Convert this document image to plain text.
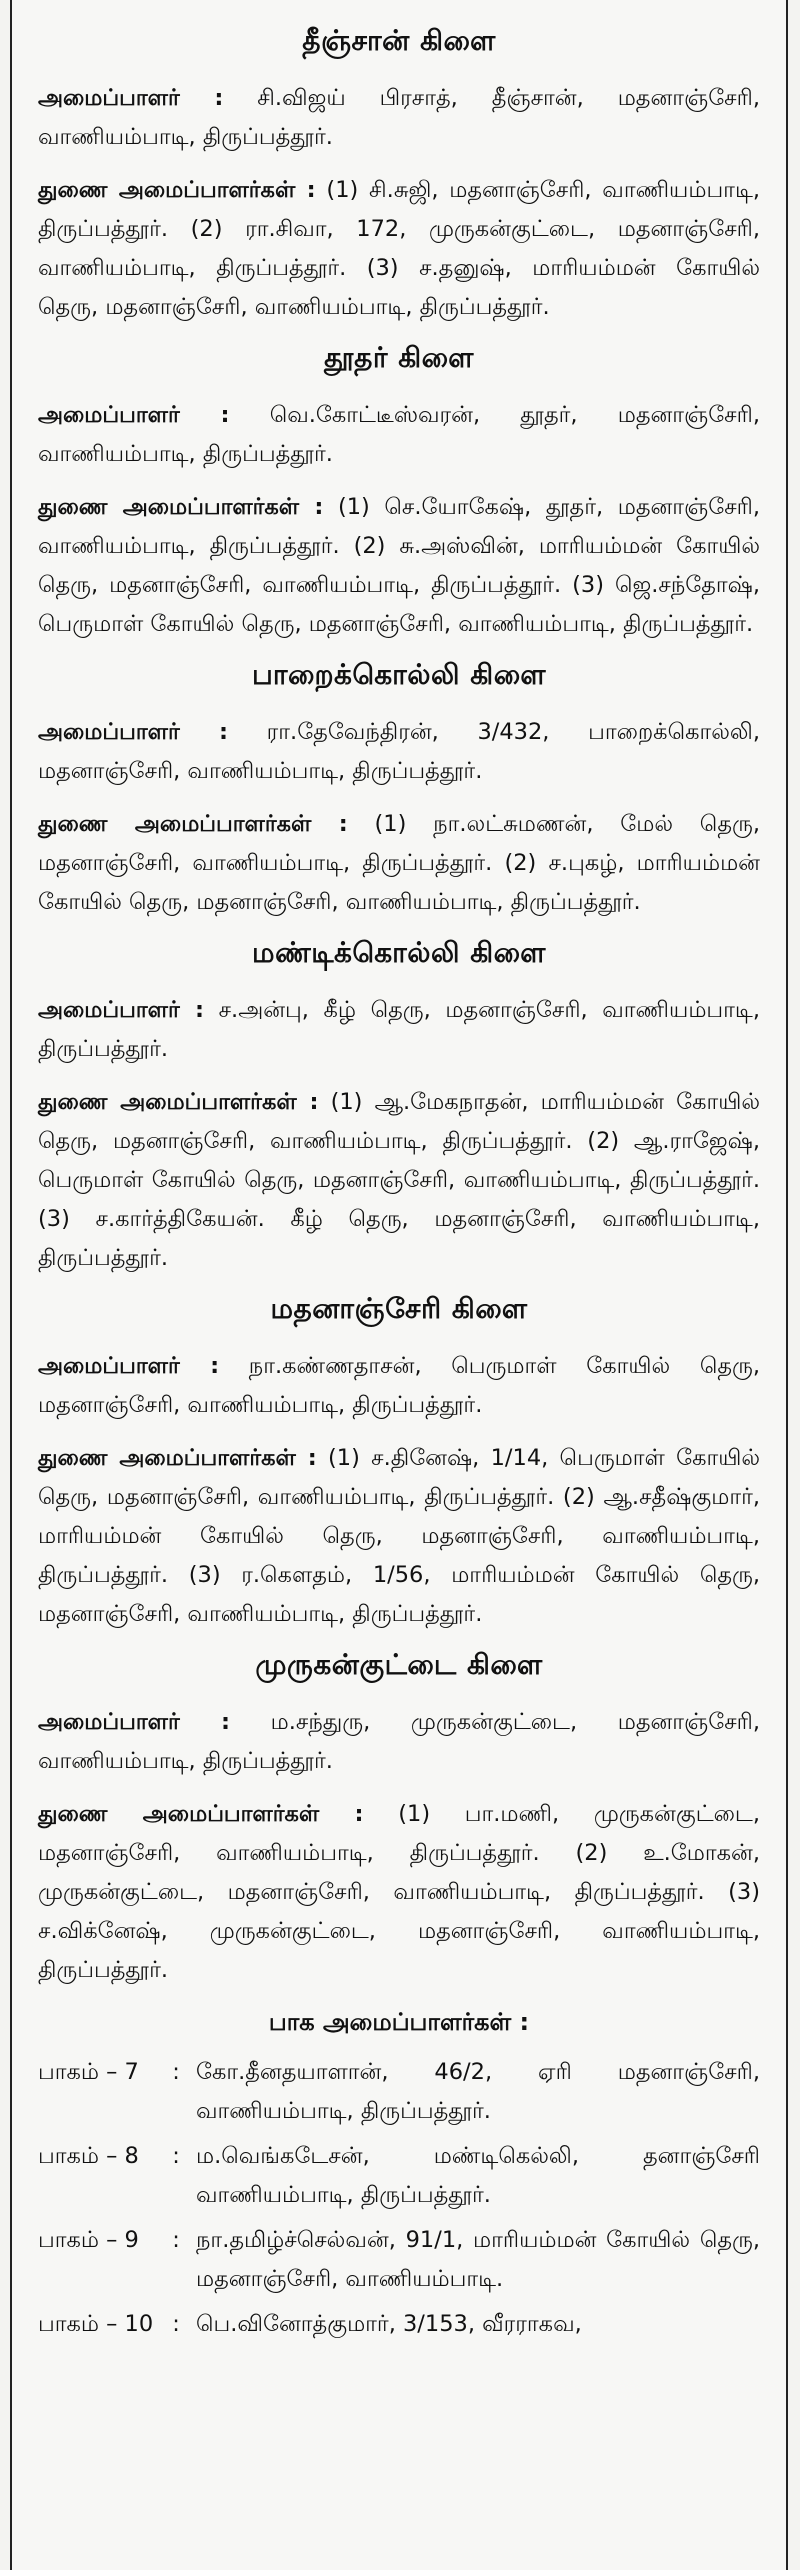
தீஞ்சான் கிளை

அமைப்பாளர் : சி.விஜய் பிரசாத், தீஞ்சான், மதனாஞ்சேரி, வாணியம்பாடி, திருப்பத்தூர்.

துணை அமைப்பாளர்கள் : (1) சி.சுஜி, மதனாஞ்சேரி, வாணியம்பாடி, திருப்பத்தூர். (2) ரா.சிவா, 172, முருகன்குட்டை, மதனாஞ்சேரி, வாணியம்பாடி, திருப்பத்தூர். (3) ச.தனுஷ், மாரியம்மன் கோயில் தெரு, மதனாஞ்சேரி, வாணியம்பாடி, திருப்பத்தூர்.

தூதர் கிளை

அமைப்பாளர் : வெ.கோட்டீஸ்வரன், தூதர், மதனாஞ்சேரி, வாணியம்பாடி, திருப்பத்தூர்.

துணை அமைப்பாளர்கள் : (1) செ.யோகேஷ், தூதர், மதனாஞ்சேரி, வாணியம்பாடி, திருப்பத்தூர். (2) சு.அஸ்வின், மாரியம்மன் கோயில் தெரு, மதனாஞ்சேரி, வாணியம்பாடி, திருப்பத்தூர். (3) ஜெ.சந்தோஷ், பெருமாள் கோயில் தெரு, மதனாஞ்சேரி, வாணியம்பாடி, திருப்பத்தூர்.

பாறைக்கொல்லி கிளை

அமைப்பாளர் : ரா.தேவேந்திரன், 3/432, பாறைக்கொல்லி, மதனாஞ்சேரி, வாணியம்பாடி, திருப்பத்தூர்.

துணை அமைப்பாளர்கள் : (1) நா.லட்சுமணன், மேல் தெரு, மதனாஞ்சேரி, வாணியம்பாடி, திருப்பத்தூர். (2) ச.புகழ், மாரியம்மன் கோயில் தெரு, மதனாஞ்சேரி, வாணியம்பாடி, திருப்பத்தூர்.

மண்டிக்கொல்லி கிளை

அமைப்பாளர் : ச.அன்பு, கீழ் தெரு, மதனாஞ்சேரி, வாணியம்பாடி, திருப்பத்தூர்.

துணை அமைப்பாளர்கள் : (1) ஆ.மேகநாதன், மாரியம்மன் கோயில் தெரு, மதனாஞ்சேரி, வாணியம்பாடி, திருப்பத்தூர். (2) ஆ.ராஜேஷ், பெருமாள் கோயில் தெரு, மதனாஞ்சேரி, வாணியம்பாடி, திருப்பத்தூர். (3) ச.கார்த்திகேயன். கீழ் தெரு, மதனாஞ்சேரி, வாணியம்பாடி, திருப்பத்தூர்.

மதனாஞ்சேரி கிளை

அமைப்பாளர் : நா.கண்ணதாசன், பெருமாள் கோயில் தெரு, மதனாஞ்சேரி, வாணியம்பாடி, திருப்பத்தூர்.

துணை அமைப்பாளர்கள் : (1) ச.தினேஷ், 1/14, பெருமாள் கோயில் தெரு, மதனாஞ்சேரி, வாணியம்பாடி, திருப்பத்தூர். (2) ஆ.சதீஷ்குமார், மாரியம்மன் கோயில் தெரு, மதனாஞ்சேரி, வாணியம்பாடி, திருப்பத்தூர். (3) ர.கௌதம், 1/56, மாரியம்மன் கோயில் தெரு, மதனாஞ்சேரி, வாணியம்பாடி, திருப்பத்தூர்.

முருகன்குட்டை கிளை

அமைப்பாளர் : ம.சந்துரு, முருகன்குட்டை, மதனாஞ்சேரி, வாணியம்பாடி, திருப்பத்தூர்.

துணை அமைப்பாளர்கள் : (1) பா.மணி, முருகன்குட்டை, மதனாஞ்சேரி, வாணியம்பாடி, திருப்பத்தூர். (2) உ.மோகன், முருகன்குட்டை, மதனாஞ்சேரி, வாணியம்பாடி, திருப்பத்தூர். (3) ச.விக்னேஷ், முருகன்குட்டை, மதனாஞ்சேரி, வாணியம்பாடி, திருப்பத்தூர்.

பாக அமைப்பாளர்கள் :
பாகம் – 7	: கோ.தீனதயாளான், 46/2, ஏரி மதனாஞ்சேரி, வாணியம்பாடி, திருப்பத்தூர்.
பாகம் – 8	: ம.வெங்கடேசன், மண்டிகெல்லி, தனாஞ்சேரி வாணியம்பாடி, திருப்பத்தூர்.
பாகம் – 9	: நா.தமிழ்ச்செல்வன், 91/1, மாரியம்மன் கோயில் தெரு, மதனாஞ்சேரி, வாணியம்பாடி.
பாகம் – 10 : பெ.வினோத்குமார், 3/153, வீரராகவ,
